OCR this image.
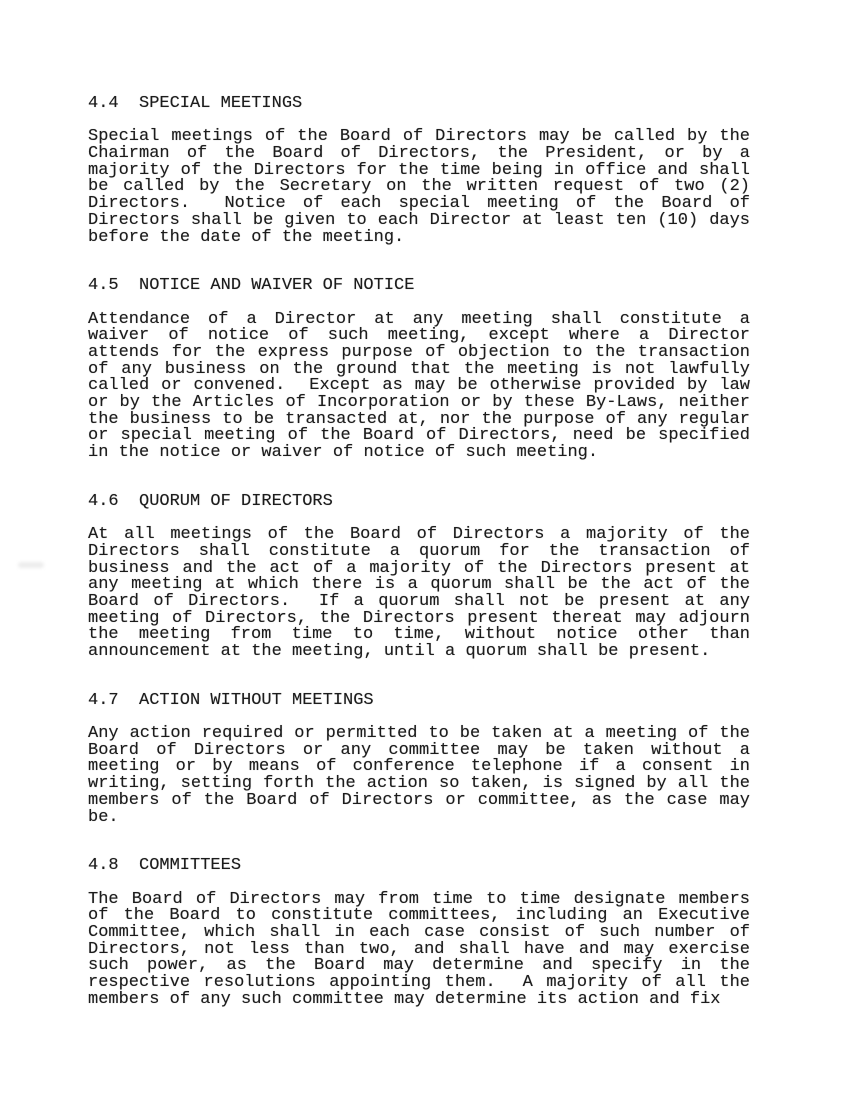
4.4 SPECIAL MEETINGS
Special meetings of the Board of Directors may be called by the
Chairman of the Board of Directors, the President, or by a
majority of the Directors for the time being in office and shall
be called by the Secretary on the written request of two (2)
Directors.  Notice of each special meeting of the Board of
Directors shall be given to each Director at least ten (10) days
before the date of the meeting.
4.5 NOTICE AND WAIVER OF NOTICE
Attendance of a Director at any meeting shall constitute a
waiver of notice of such meeting, except where a Director
attends for the express purpose of objection to the transaction
of any business on the ground that the meeting is not lawfully
called or convened.  Except as may be otherwise provided by law
or by the Articles of Incorporation or by these By-Laws, neither
the business to be transacted at, nor the purpose of any regular
or special meeting of the Board of Directors, need be specified
in the notice or waiver of notice of such meeting.
4.6 QUORUM OF DIRECTORS
At all meetings of the Board of Directors a majority of the
Directors shall constitute a quorum for the transaction of
business and the act of a majority of the Directors present at
any meeting at which there is a quorum shall be the act of the
Board of Directors.  If a quorum shall not be present at any
meeting of Directors, the Directors present thereat may adjourn
the meeting from time to time, without notice other than
announcement at the meeting, until a quorum shall be present.
4.7 ACTION WITHOUT MEETINGS
Any action required or permitted to be taken at a meeting of the
Board of Directors or any committee may be taken without a
meeting or by means of conference telephone if a consent in
writing, setting forth the action so taken, is signed by all the
members of the Board of Directors or committee, as the case may
be.
4.8 COMMITTEES
The Board of Directors may from time to time designate members
of the Board to constitute committees, including an Executive
Committee, which shall in each case consist of such number of
Directors, not less than two, and shall have and may exercise
such power, as the Board may determine and specify in the
respective resolutions appointing them.  A majority of all the
members of any such committee may determine its action and fix
